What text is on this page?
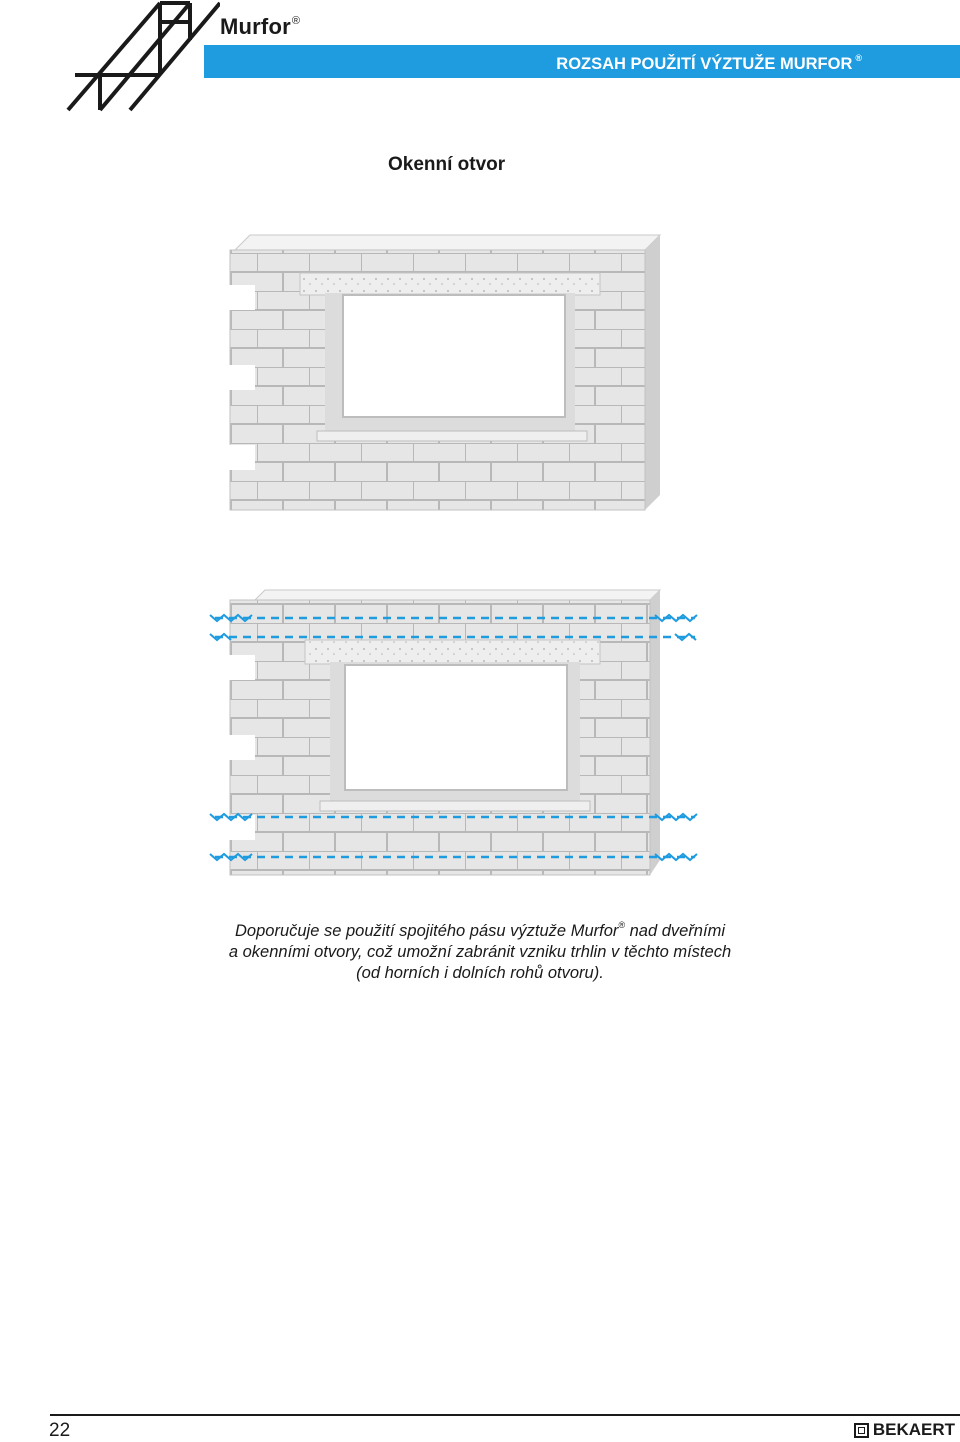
Murfor®
ROZSAH POUŽITÍ VÝZTUŽE MURFOR ®
Okenní otvor
Doporučuje se použití spojitého pásu výztuže Murfor® nad dveřními
a okenními otvory, což umožní zabránit vzniku trhlin v těchto místech
(od horních i dolních rohů otvoru).
22	BEKAERT
